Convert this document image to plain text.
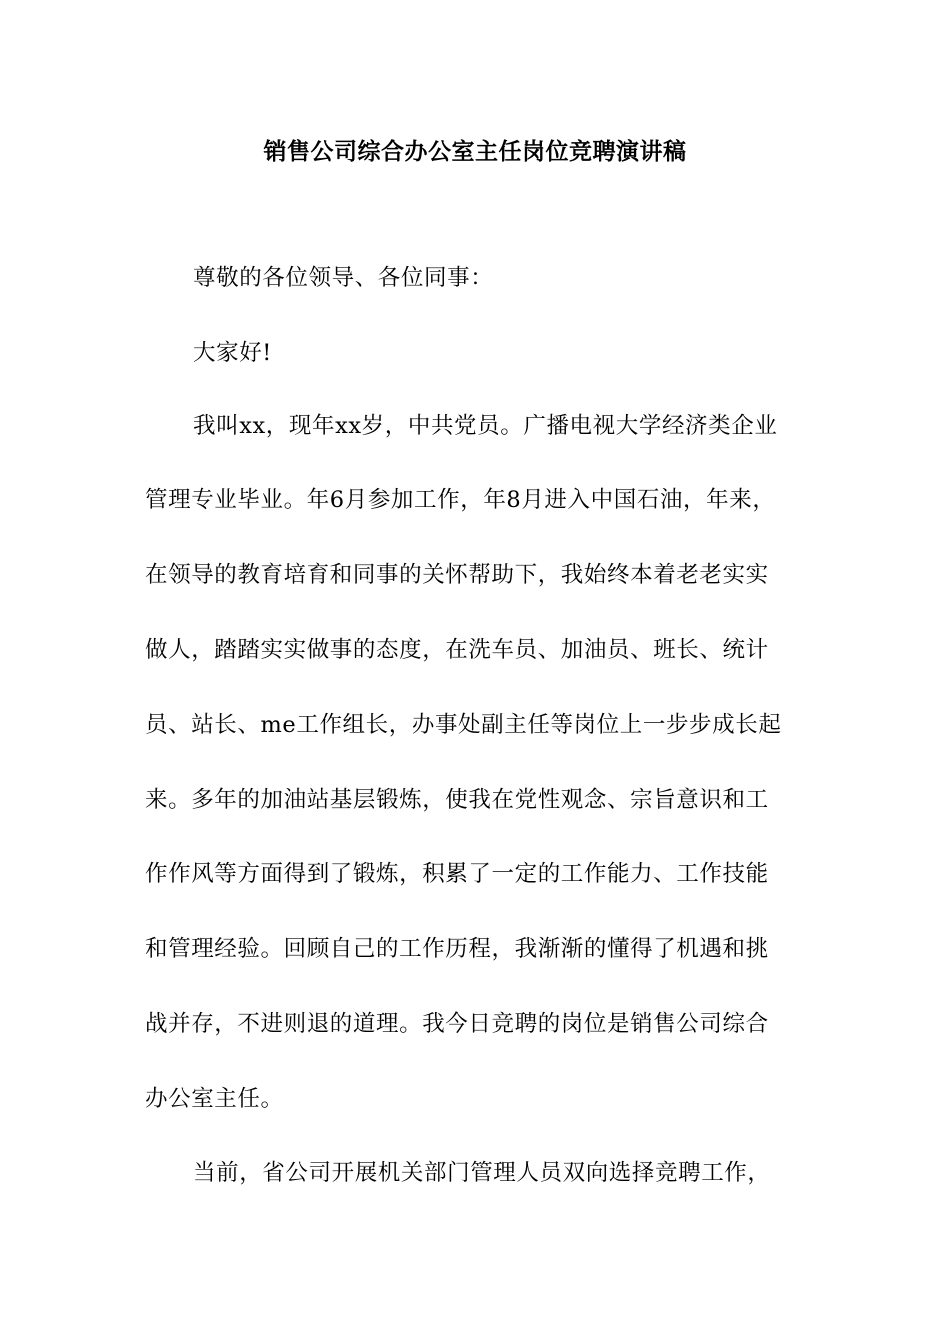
销售公司综合办公室主任岗位竞聘演讲稿
尊敬的各位领导、各位同事：
大家好!
我叫xx，现年xx岁，中共党员。广播电视大学经济类企业
管理专业毕业。年6月参加工作，年8月进入中国石油，年来，
在领导的教育培育和同事的关怀帮助下，我始终本着老老实实
做人，踏踏实实做事的态度，在洗车员、加油员、班长、统计
员、站长、me工作组长，办事处副主任等岗位上一步步成长起
来。多年的加油站基层锻炼，使我在党性观念、宗旨意识和工
作作风等方面得到了锻炼，积累了一定的工作能力、工作技能
和管理经验。回顾自己的工作历程，我渐渐的懂得了机遇和挑
战并存，不进则退的道理。我今日竞聘的岗位是销售公司综合
办公室主任。
当前，省公司开展机关部门管理人员双向选择竞聘工作，
